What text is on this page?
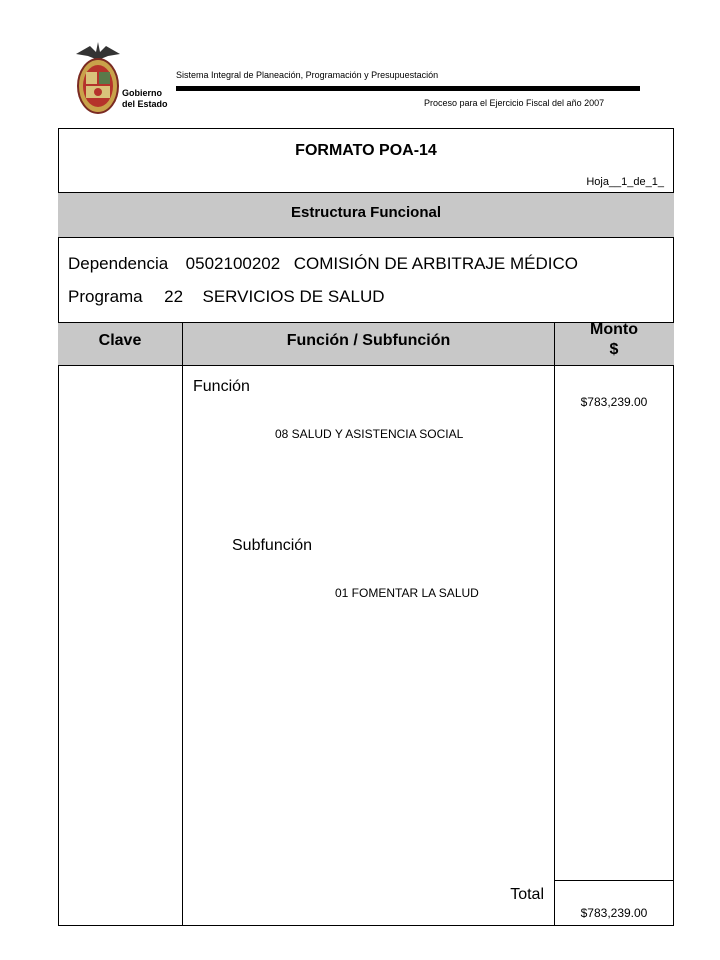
Gobierno
del Estado
Sistema Integral de Planeación, Programación y Presupuestación
Proceso para el Ejercicio Fiscal del año 2007
FORMATO POA-14
Hoja__1_de_1_
Estructura Funcional
Dependencia 0502100202 COMISIÓN DE ARBITRAJE MÉDICO
Programa 22 SERVICIOS DE SALUD
Clave	Función / Subfunción
Monto
$
Función
08 SALUD Y ASISTENCIA SOCIAL
$783,239.00
Subfunción
01 FOMENTAR LA SALUD
Total
$783,239.00
